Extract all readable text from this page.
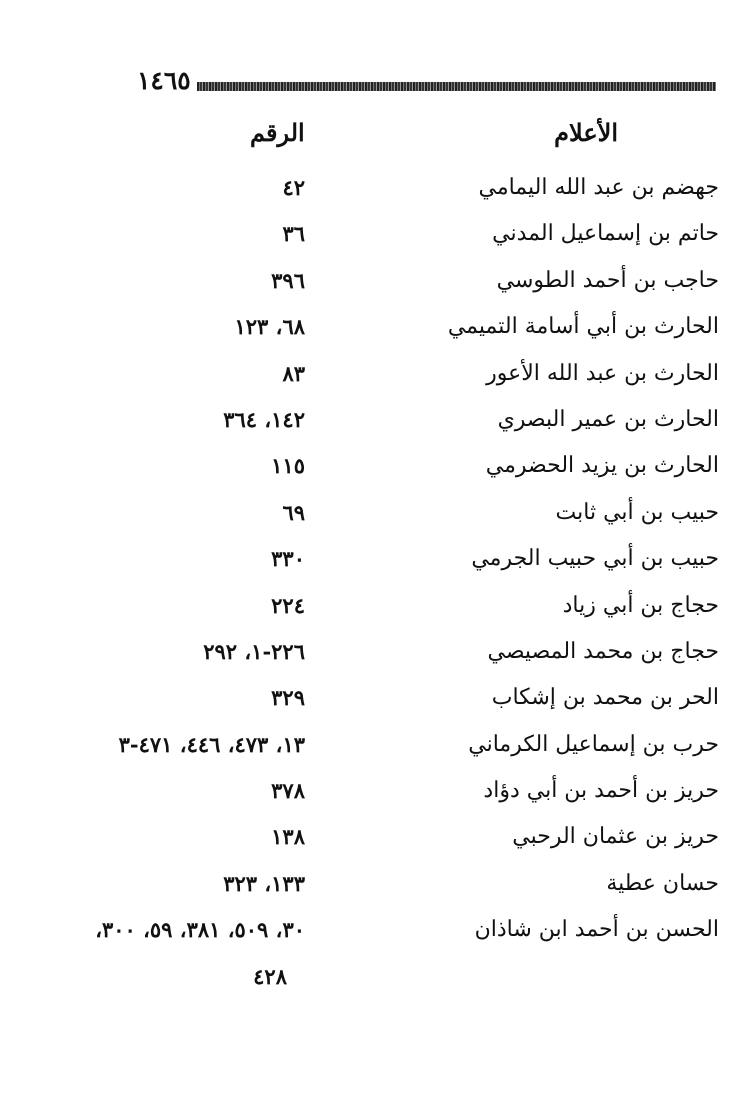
١٤٦٥
الأعلام
الرقم
جهضم بن عبد الله اليمامي
٤٢
حاتم بن إسماعيل المدني
٣٦
حاجب بن أحمد الطوسي
٣٩٦
الحارث بن أبي أسامة التميمي
٦٨، ١٢٣
الحارث بن عبد الله الأعور
٨٣
الحارث بن عمير البصري
١٤٢، ٣٦٤
الحارث بن يزيد الحضرمي
١١٥
حبيب بن أبي ثابت
٦٩
حبيب بن أبي حبيب الجرمي
٣٣٠
حجاج بن أبي زياد
٢٢٤
حجاج بن محمد المصيصي
٢٢٦-١، ٢٩٢
الحر بن محمد بن إشكاب
٣٢٩
حرب بن إسماعيل الكرماني
١٣، ٤٧٣، ٤٤٦، ٤٧١-٣
حريز بن أحمد بن أبي دؤاد
٣٧٨
حريز بن عثمان الرحبي
١٣٨
حسان عطية
١٣٣، ٣٢٣
الحسن بن أحمد ابن شاذان
٣٠، ٥٠٩، ٣٨١، ٥٩، ٣٠٠،
٤٢٨
